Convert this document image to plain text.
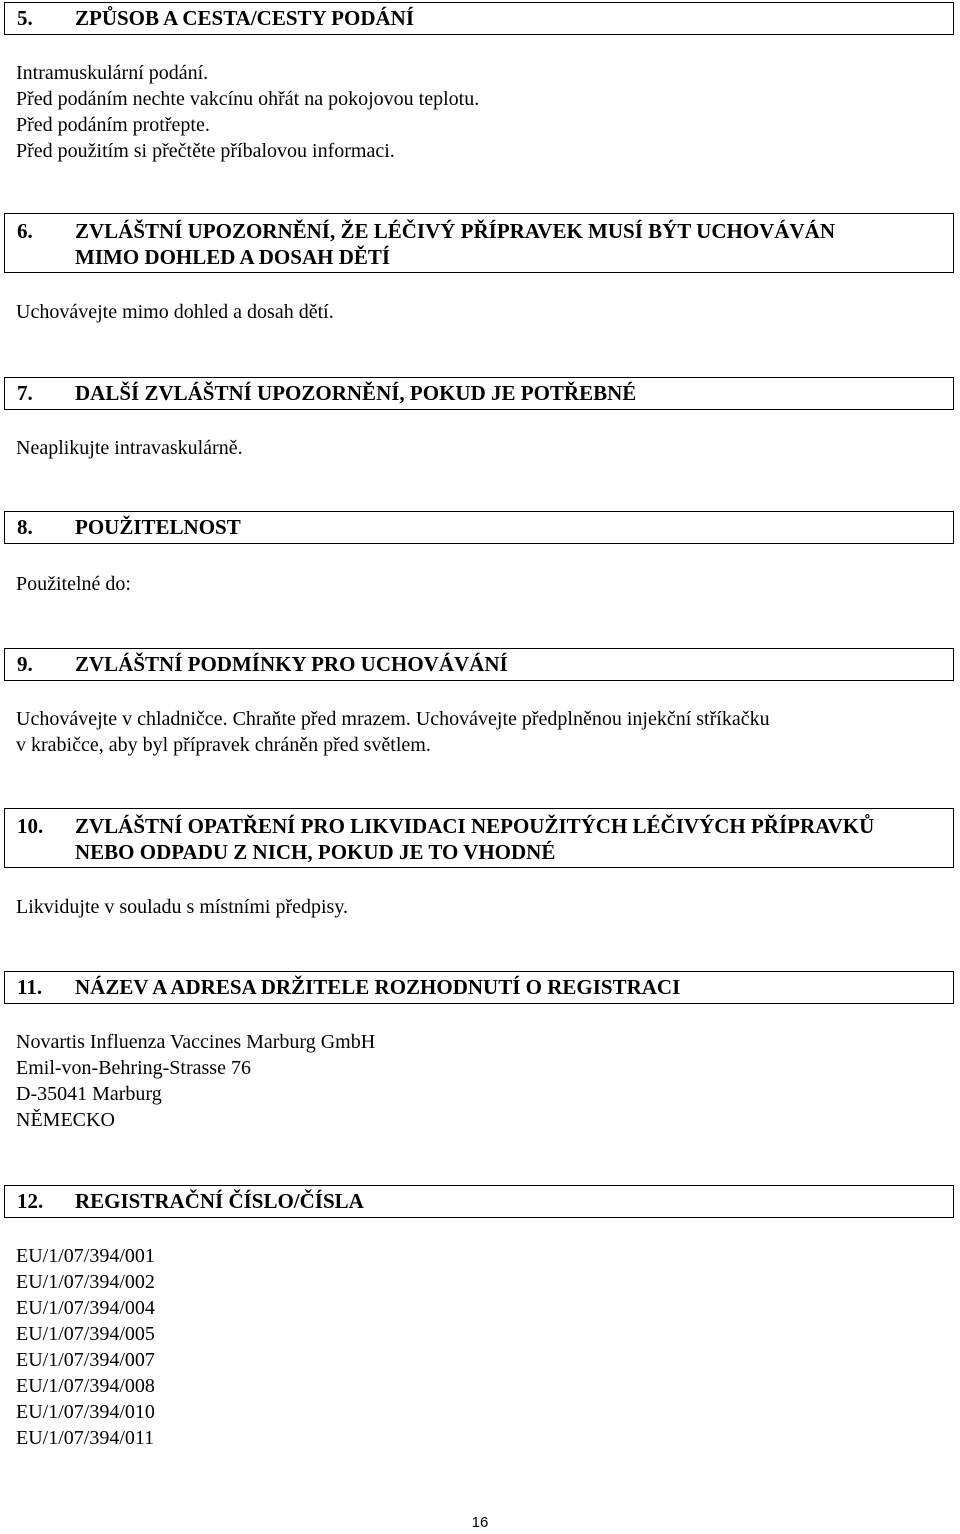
5. ZPŮSOB A CESTA/CESTY PODÁNÍ
Intramuskulární podání.
Před podáním nechte vakcínu ohřát na pokojovou teplotu.
Před podáním protřepte.
Před použitím si přečtěte příbalovou informaci.
6. ZVLÁŠTNÍ UPOZORNĚNÍ, ŽE LÉČIVÝ PŘÍPRAVEK MUSÍ BÝT UCHOVÁVÁN
MIMO DOHLED A DOSAH DĚTÍ
Uchovávejte mimo dohled a dosah dětí.
7. DALŠÍ ZVLÁŠTNÍ UPOZORNĚNÍ, POKUD JE POTŘEBNÉ
Neaplikujte intravaskulárně.
8. POUŽITELNOST
Použitelné do:
9. ZVLÁŠTNÍ PODMÍNKY PRO UCHOVÁVÁNÍ
Uchovávejte v chladničce. Chraňte před mrazem. Uchovávejte předplněnou injekční stříkačku
v krabičce, aby byl přípravek chráněn před světlem.
10. ZVLÁŠTNÍ OPATŘENÍ PRO LIKVIDACI NEPOUŽITÝCH LÉČIVÝCH PŘÍPRAVKŮ
NEBO ODPADU Z NICH, POKUD JE TO VHODNÉ
Likvidujte v souladu s místními předpisy.
11. NÁZEV A ADRESA DRŽITELE ROZHODNUTÍ O REGISTRACI
Novartis Influenza Vaccines Marburg GmbH
Emil-von-Behring-Strasse 76
D-35041 Marburg
NĚMECKO
12. REGISTRAČNÍ ČÍSLO/ČÍSLA
EU/1/07/394/001
EU/1/07/394/002
EU/1/07/394/004
EU/1/07/394/005
EU/1/07/394/007
EU/1/07/394/008
EU/1/07/394/010
EU/1/07/394/011
16
